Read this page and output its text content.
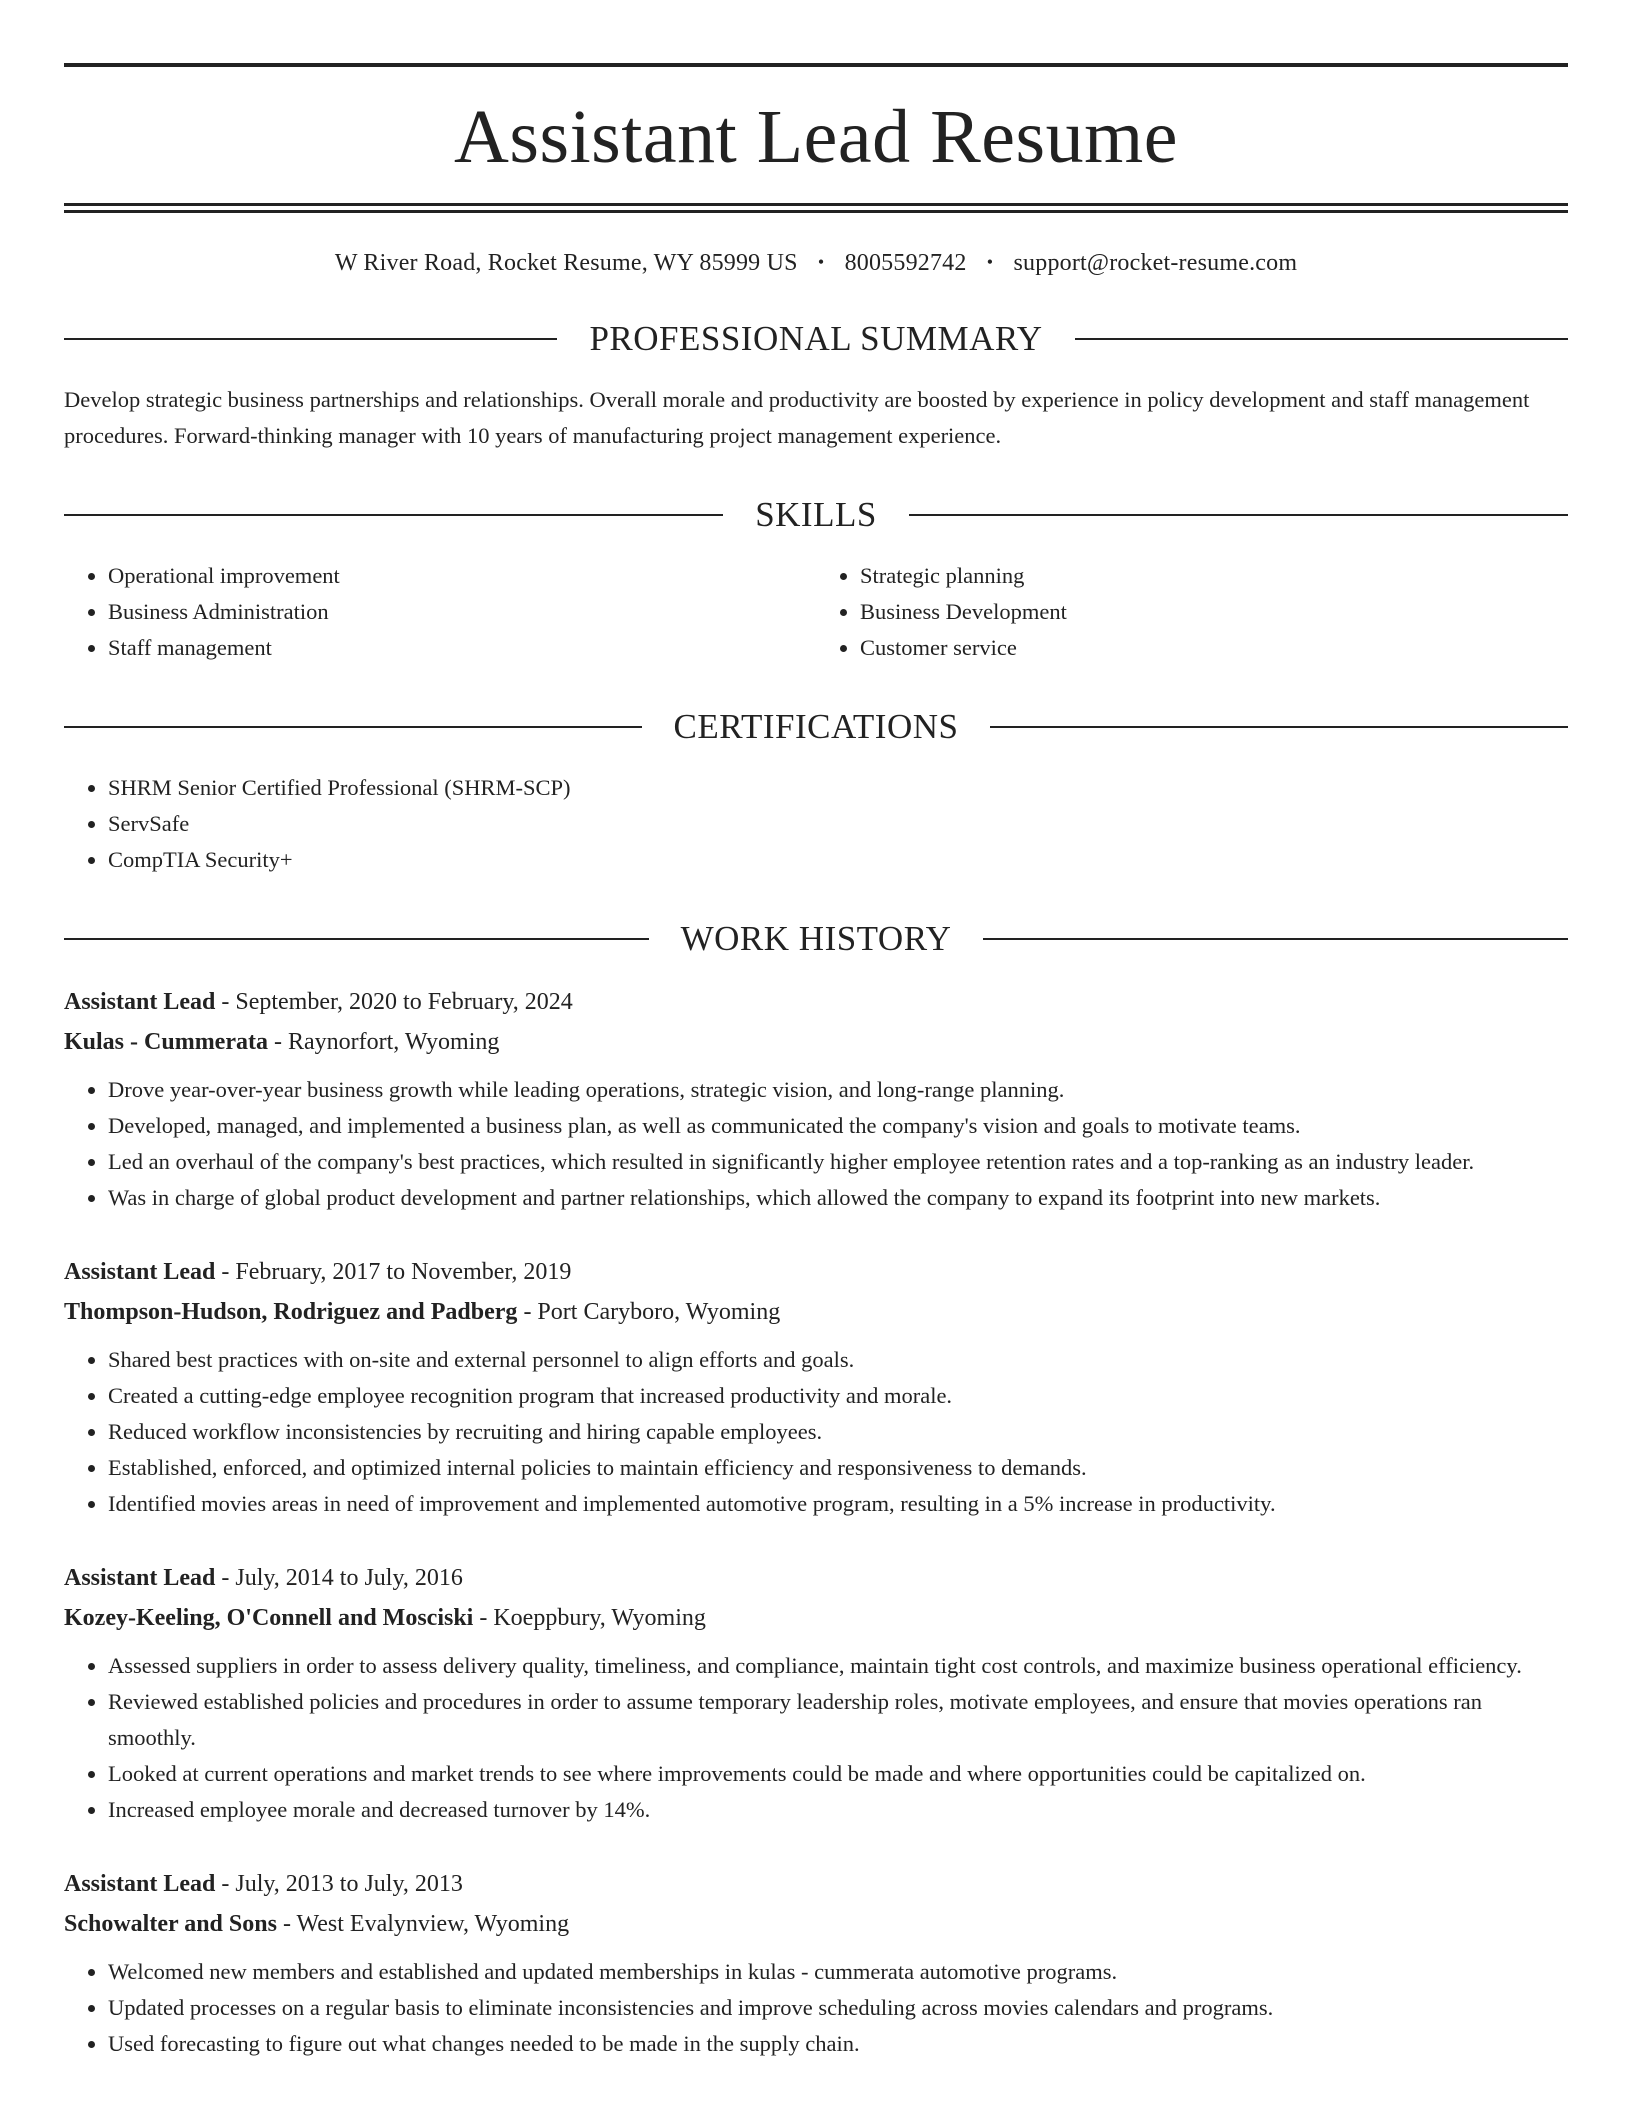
Assistant Lead Resume
W River Road, Rocket Resume, WY 85999 US • 8005592742 • support@rocket-resume.com
PROFESSIONAL SUMMARY
Develop strategic business partnerships and relationships. Overall morale and productivity are boosted by experience in policy development and staff management procedures. Forward-thinking manager with 10 years of manufacturing project management experience.
SKILLS
• Operational improvement
• Business Administration
• Staff management
• Strategic planning
• Business Development
• Customer service
CERTIFICATIONS
• SHRM Senior Certified Professional (SHRM-SCP)
• ServSafe
• CompTIA Security+
WORK HISTORY
Assistant Lead - September, 2020 to February, 2024
Kulas - Cummerata - Raynorfort, Wyoming
• Drove year-over-year business growth while leading operations, strategic vision, and long-range planning.
• Developed, managed, and implemented a business plan, as well as communicated the company's vision and goals to motivate teams.
• Led an overhaul of the company's best practices, which resulted in significantly higher employee retention rates and a top-ranking as an industry leader.
• Was in charge of global product development and partner relationships, which allowed the company to expand its footprint into new markets.
Assistant Lead - February, 2017 to November, 2019
Thompson-Hudson, Rodriguez and Padberg - Port Caryboro, Wyoming
• Shared best practices with on-site and external personnel to align efforts and goals.
• Created a cutting-edge employee recognition program that increased productivity and morale.
• Reduced workflow inconsistencies by recruiting and hiring capable employees.
• Established, enforced, and optimized internal policies to maintain efficiency and responsiveness to demands.
• Identified movies areas in need of improvement and implemented automotive program, resulting in a 5% increase in productivity.
Assistant Lead - July, 2014 to July, 2016
Kozey-Keeling, O'Connell and Mosciski - Koeppbury, Wyoming
• Assessed suppliers in order to assess delivery quality, timeliness, and compliance, maintain tight cost controls, and maximize business operational efficiency.
• Reviewed established policies and procedures in order to assume temporary leadership roles, motivate employees, and ensure that movies operations ran smoothly.
• Looked at current operations and market trends to see where improvements could be made and where opportunities could be capitalized on.
• Increased employee morale and decreased turnover by 14%.
Assistant Lead - July, 2013 to July, 2013
Schowalter and Sons - West Evalynview, Wyoming
• Welcomed new members and established and updated memberships in kulas - cummerata automotive programs.
• Updated processes on a regular basis to eliminate inconsistencies and improve scheduling across movies calendars and programs.
• Used forecasting to figure out what changes needed to be made in the supply chain.
